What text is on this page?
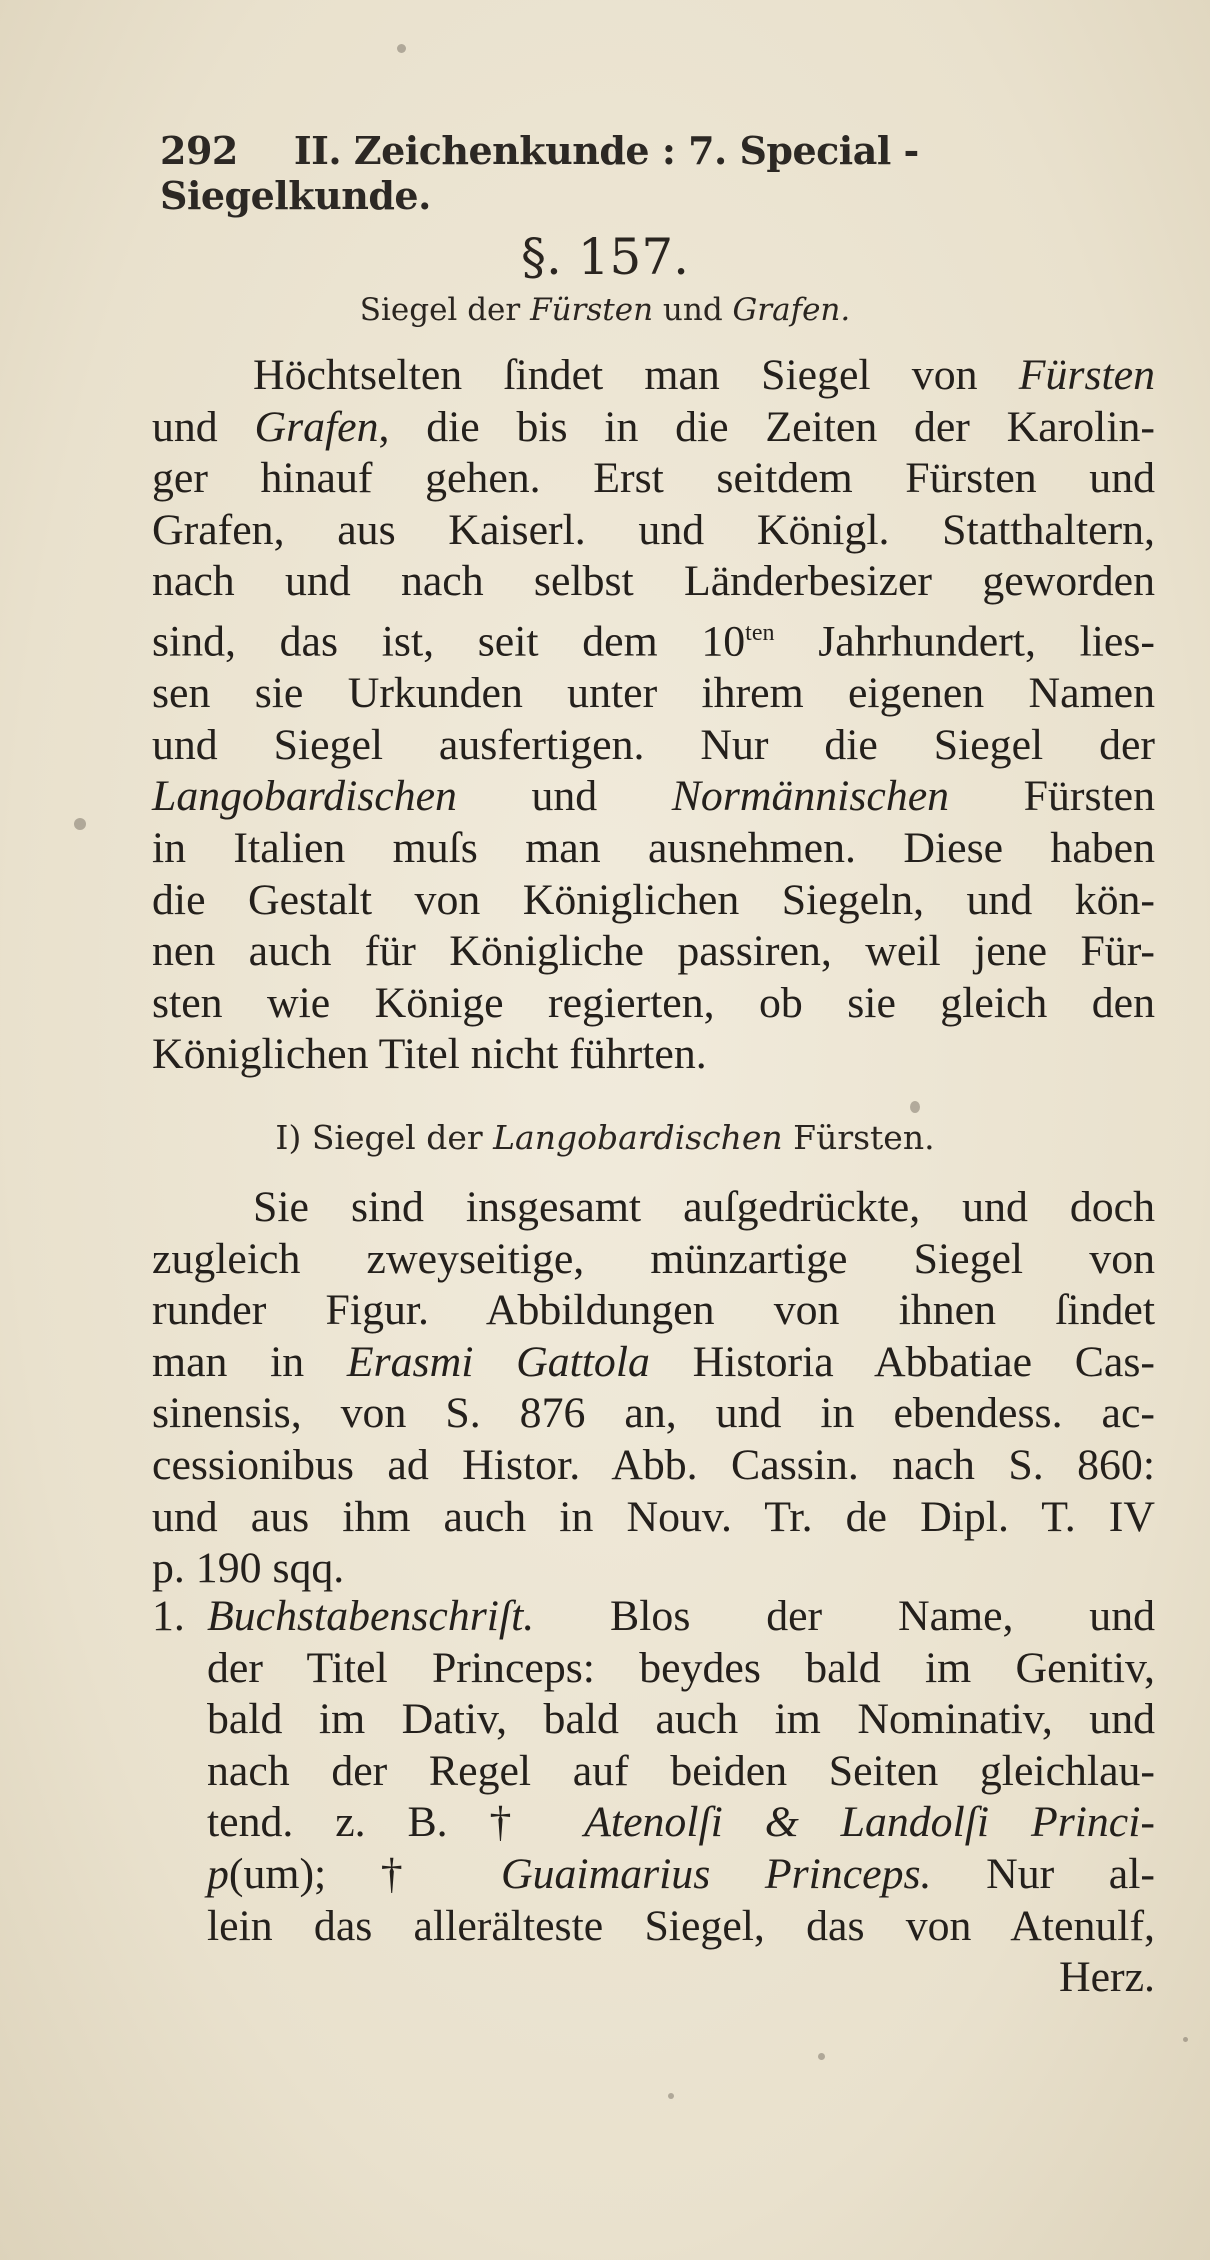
292 II. Zeichenkunde : 7. Special - Siegelkunde.
§. 157.
Siegel der Fürsten und Grafen.
Höchtselten ſindet man Siegel von Fürsten
und Grafen, die bis in die Zeiten der Karolin-
ger hinauf gehen. Erst seitdem Fürsten und
Grafen, aus Kaiserl. und Königl. Statthaltern,
nach und nach selbst Länderbesizer geworden
sind, das ist, seit dem $10^{ten}$ Jahrhundert, lies-
sen sie Urkunden unter ihrem eigenen Namen
und Siegel ausfertigen. Nur die Siegel der
Langobardischen und Normännischen Fürsten
in Italien muſs man ausnehmen. Diese haben
die Gestalt von Königlichen Siegeln, und kön-
nen auch für Königliche passiren, weil jene Für-
sten wie Könige regierten, ob sie gleich den
Königlichen Titel nicht führten.
I) Siegel der Langobardischen Fürsten.
Sie sind insgesamt auſgedrückte, und doch
zugleich zweyseitige, münzartige Siegel von
runder Figur. Abbildungen von ihnen ſindet
man in Erasmi Gattola Historia Abbatiae Cas-
sinensis, von S. 876 an, und in ebendess. ac-
cessionibus ad Histor. Abb. Cassin. nach S. 860:
und aus ihm auch in Nouv. Tr. de Dipl. T. IV
p. 190 sqq.
1. Buchstabenschriſt. Blos der Name, und
der Titel Princeps: beydes bald im Genitiv,
bald im Dativ, bald auch im Nominativ, und
nach der Regel auf beiden Seiten gleichlau-
tend. z. B. † Atenolſi & Landolſi Princi-
p(um); † Guaimarius Princeps. Nur al-
lein das allerälteste Siegel, das von Atenulf,
Herz.
